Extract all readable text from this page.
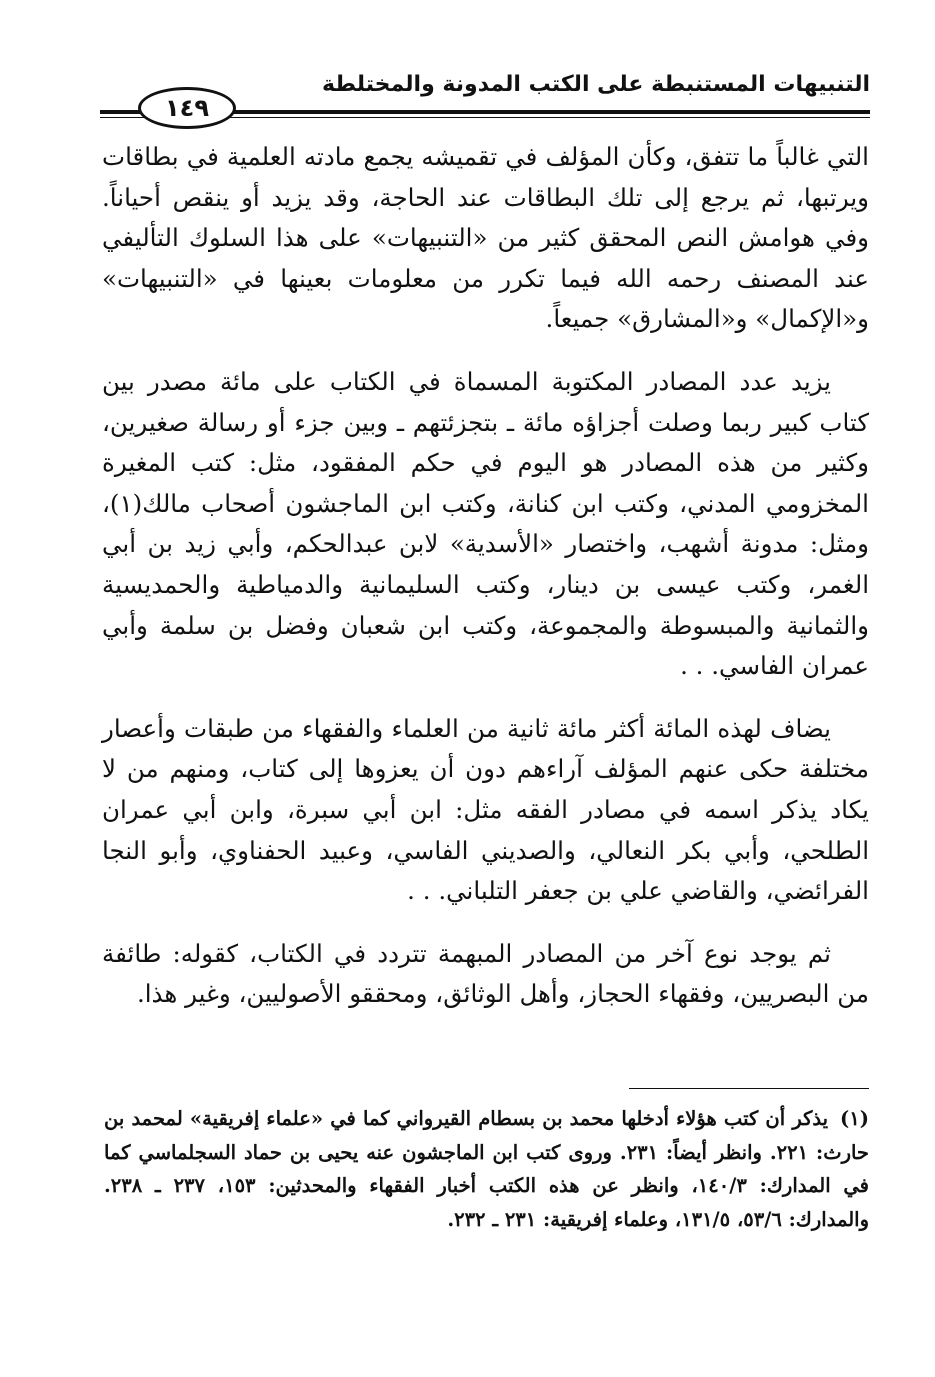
التنبيهات المستنبطة على الكتب المدونة والمختلطة
١٤٩

التي غالباً ما تتفق، وكأن المؤلف في تقميشه يجمع مادته العلمية في بطاقات ويرتبها، ثم يرجع إلى تلك البطاقات عند الحاجة، وقد يزيد أو ينقص أحياناً. وفي هوامش النص المحقق كثير من «التنبيهات» على هذا السلوك التأليفي عند المصنف رحمه الله فيما تكرر من معلومات بعينها في «التنبيهات» و«الإكمال» و«المشارق» جميعاً.

يزيد عدد المصادر المكتوبة المسماة في الكتاب على مائة مصدر بين كتاب كبير ربما وصلت أجزاؤه مائة ـ بتجزئتهم ـ وبين جزء أو رسالة صغيرين، وكثير من هذه المصادر هو اليوم في حكم المفقود، مثل: كتب المغيرة المخزومي المدني، وكتب ابن كنانة، وكتب ابن الماجشون أصحاب مالك(١)، ومثل: مدونة أشهب، واختصار «الأسدية» لابن عبدالحكم، وأبي زيد بن أبي الغمر، وكتب عيسى بن دينار، وكتب السليمانية والدمياطية والحمديسية والثمانية والمبسوطة والمجموعة، وكتب ابن شعبان وفضل بن سلمة وأبي عمران الفاسي. . .

يضاف لهذه المائة أكثر مائة ثانية من العلماء والفقهاء من طبقات وأعصار مختلفة حكى عنهم المؤلف آراءهم دون أن يعزوها إلى كتاب، ومنهم من لا يكاد يذكر اسمه في مصادر الفقه مثل: ابن أبي سبرة، وابن أبي عمران الطلحي، وأبي بكر النعالي، والصديني الفاسي، وعبيد الحفناوي، وأبو النجا الفرائضي، والقاضي علي بن جعفر التلباني. . .

ثم يوجد نوع آخر من المصادر المبهمة تتردد في الكتاب، كقوله: طائفة من البصريين، وفقهاء الحجاز، وأهل الوثائق، ومحققو الأصوليين، وغير هذا.

(١)يذكر أن كتب هؤلاء أدخلها محمد بن بسطام القيرواني كما في «علماء إفريقية» لمحمد بن حارث: ٢٢١. وانظر أيضاً: ٢٣١. وروى كتب ابن الماجشون عنه يحيى بن حماد السجلماسي كما في المدارك: ١٤٠/٣، وانظر عن هذه الكتب أخبار الفقهاء والمحدثين: ١٥٣، ٢٣٧ ـ ٢٣٨. والمدارك: ٥٣/٦، ١٣١/٥، وعلماء إفريقية: ٢٣١ ـ ٢٣٢.
